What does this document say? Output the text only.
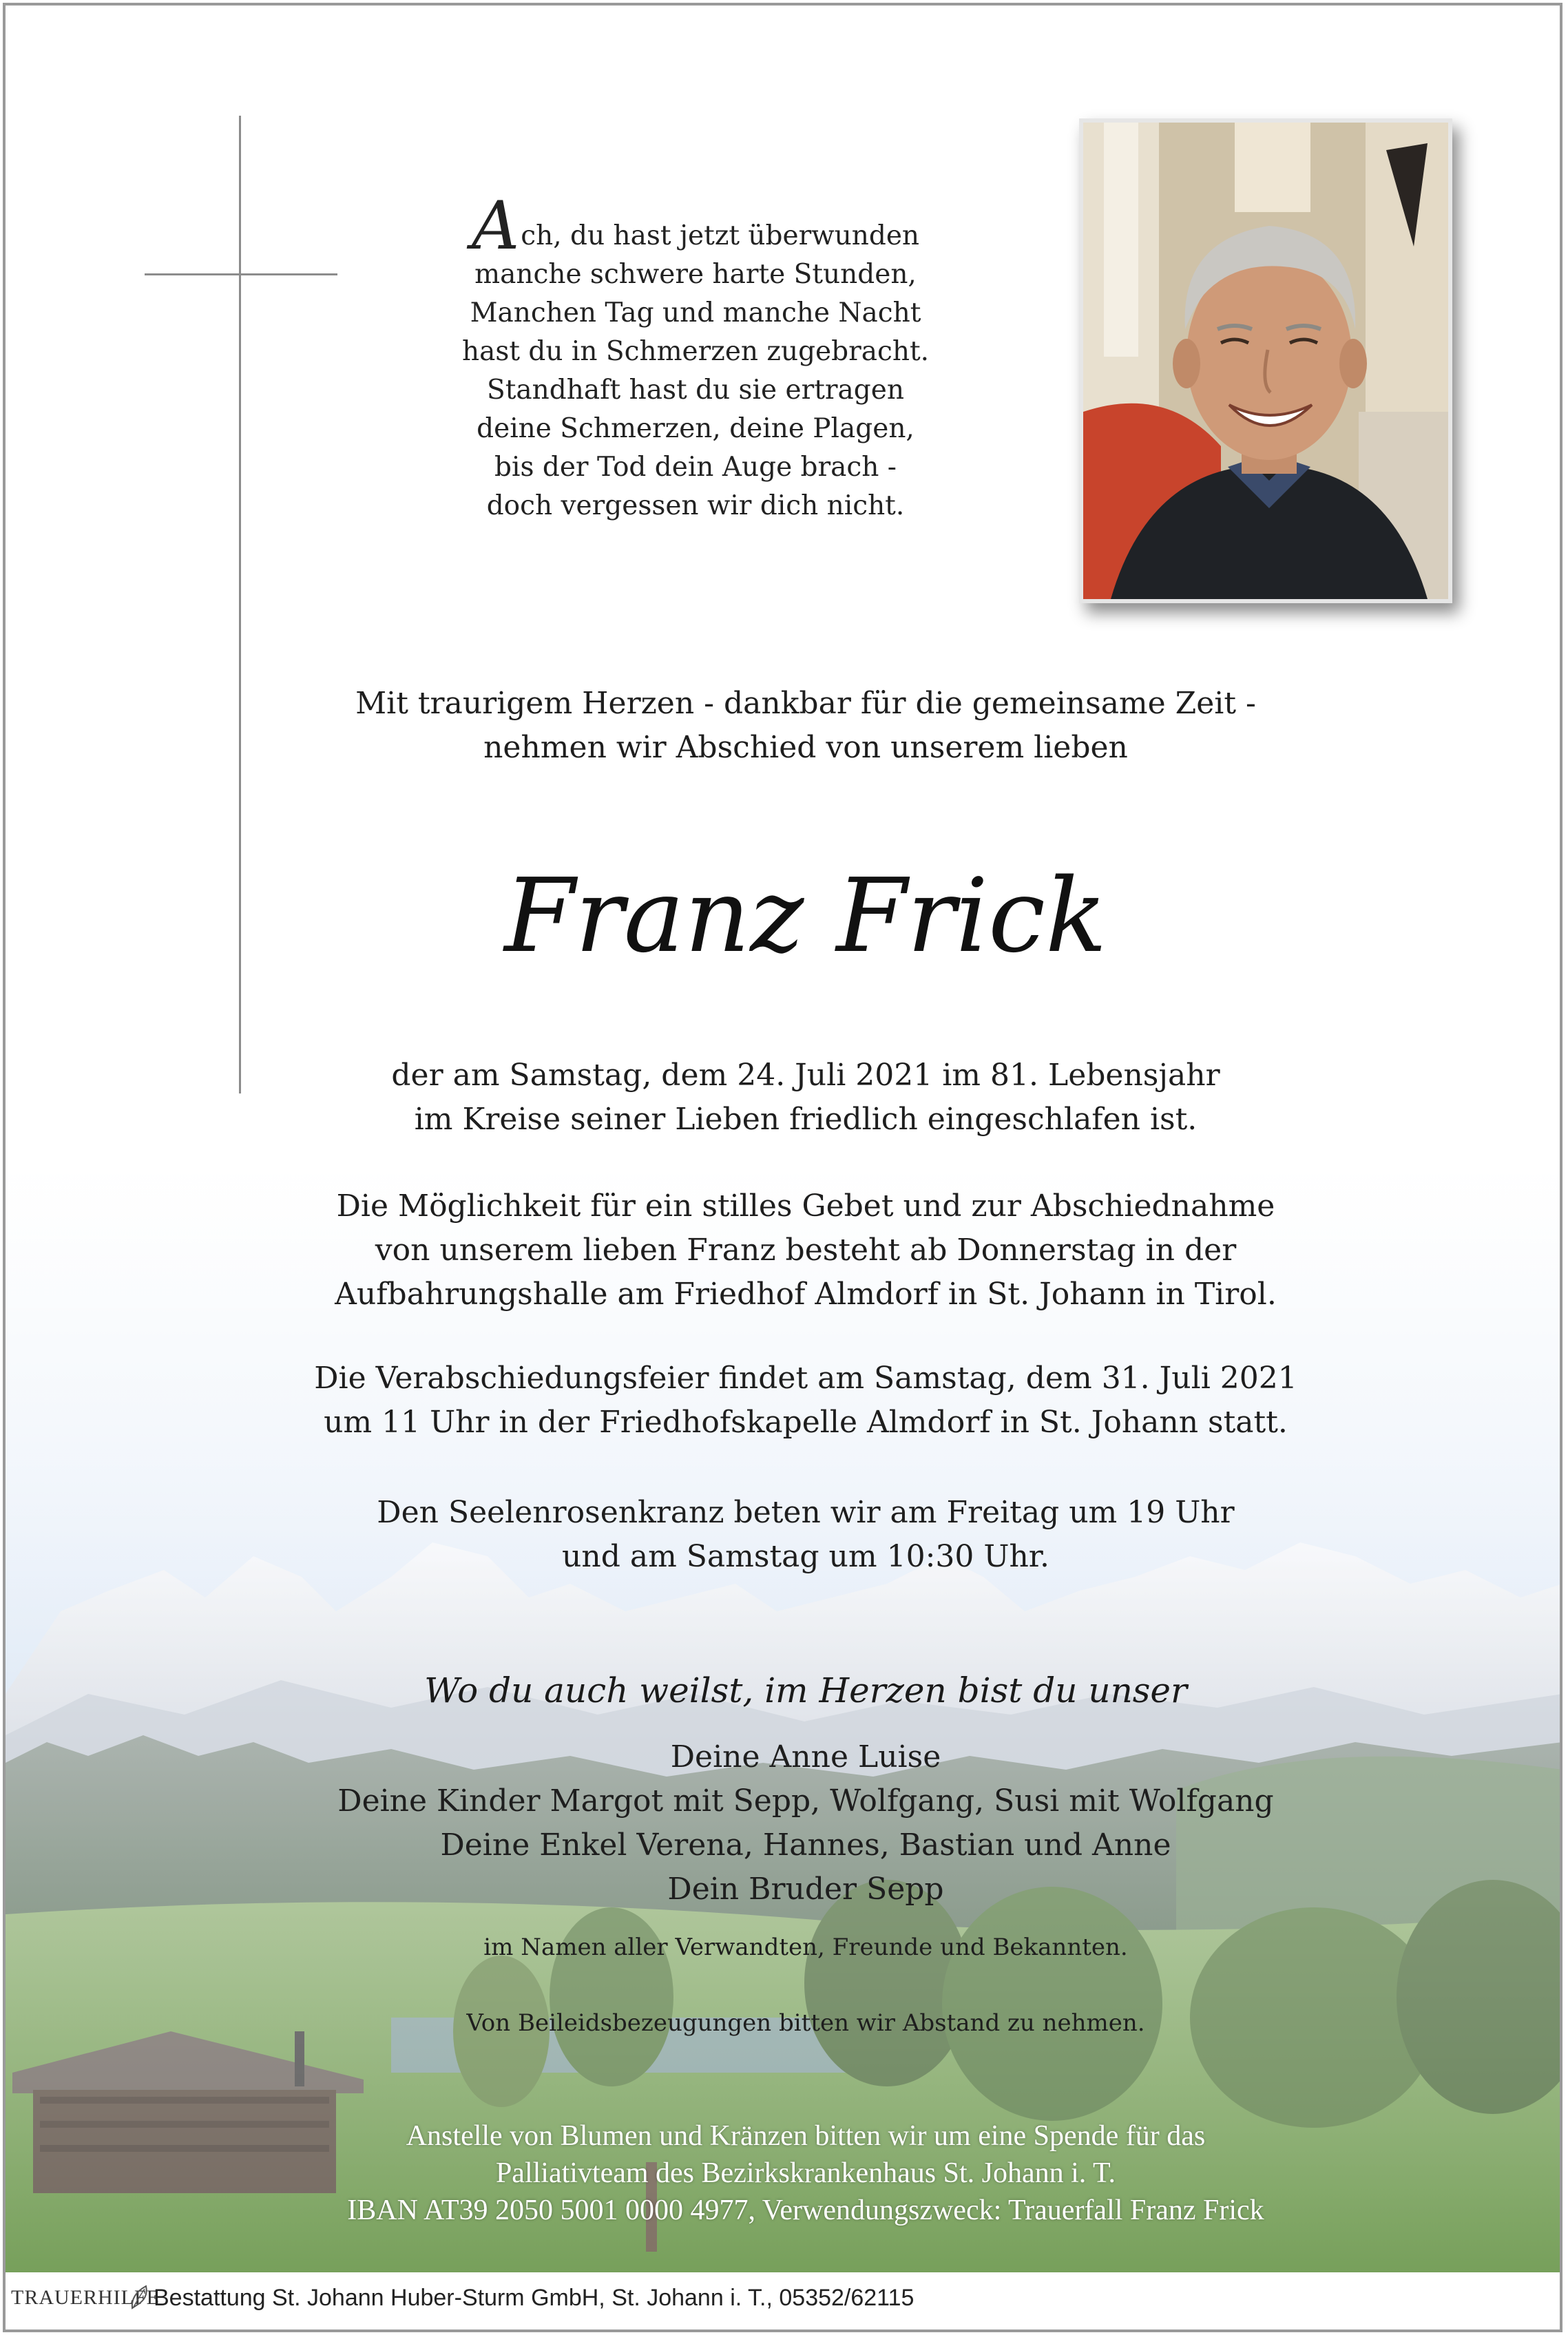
Ach, du hast jetzt überwunden
manche schwere harte Stunden,
Manchen Tag und manche Nacht
hast du in Schmerzen zugebracht.
Standhaft hast du sie ertragen
deine Schmerzen, deine Plagen,
bis der Tod dein Auge brach -
doch vergessen wir dich nicht.
Mit traurigem Herzen - dankbar für die gemeinsame Zeit -
nehmen wir Abschied von unserem lieben
Franz Frick
der am Samstag, dem 24. Juli 2021 im 81. Lebensjahr
im Kreise seiner Lieben friedlich eingeschlafen ist.
Die Möglichkeit für ein stilles Gebet und zur Abschiednahme
von unserem lieben Franz besteht ab Donnerstag in der
Aufbahrungshalle am Friedhof Almdorf in St. Johann in Tirol.
Die Verabschiedungsfeier findet am Samstag, dem 31. Juli 2021
um 11 Uhr in der Friedhofskapelle Almdorf in St. Johann statt.
Den Seelenrosenkranz beten wir am Freitag um 19 Uhr
und am Samstag um 10:30 Uhr.
Wo du auch weilst, im Herzen bist du unser
Deine Anne Luise
Deine Kinder Margot mit Sepp, Wolfgang, Susi mit Wolfgang
Deine Enkel Verena, Hannes, Bastian und Anne
Dein Bruder Sepp
im Namen aller Verwandten, Freunde und Bekannten.
Von Beileidsbezeugungen bitten wir Abstand zu nehmen.
Anstelle von Blumen und Kränzen bitten wir um eine Spende für das
Palliativteam des Bezirkskrankenhaus St. Johann i. T.
IBAN AT39 2050 5001 0000 4977, Verwendungszweck: Trauerfall Franz Frick
TRAUERHILFE
Bestattung St. Johann Huber-Sturm GmbH, St. Johann i. T., 05352/62115
